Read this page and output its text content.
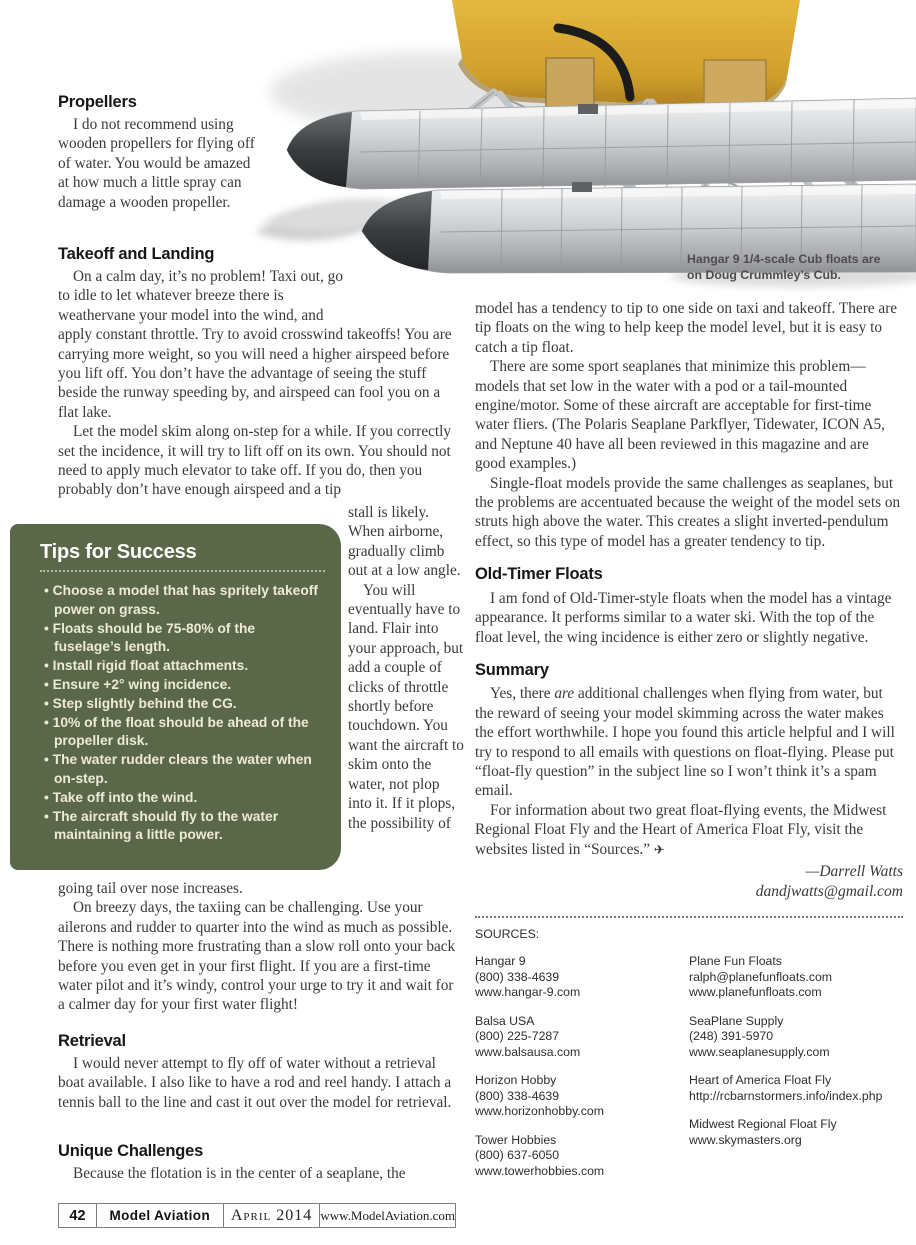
Hangar 9 1/4-scale Cub floats are on Doug Crummley’s Cub.
Propellers

I do not recommend using wooden propellers for flying off of water. You would be amazed at how much a little spray can damage a wooden propeller.

Takeoff and Landing

On a calm day, it’s no problem! Taxi out, go to idle to let whatever breeze there is weathervane your model into the wind, and apply constant throttle. Try to avoid crosswind takeoffs! You are carrying more weight, so you will need a higher airspeed before you lift off. You don’t have the advantage of seeing the stuff beside the runway speeding by, and airspeed can fool you on a flat lake.

Let the model skim along on-step for a while. If you correctly set the incidence, it will try to lift off on its own. You should not need to apply much elevator to take off. If you do, then you probably don’t have enough airspeed and a tip

stall is likely. When airborne, gradually climb out at a low angle.

You will eventually have to land. Flair into your approach, but add a couple of clicks of throttle shortly before touchdown. You want the aircraft to skim onto the water, not plop into it. If it plops, the possibility of

Tips for Success
• Choose a model that has spritely takeoff power on grass.
• Floats should be 75-80% of the fuselage’s length.
• Install rigid float attachments.
• Ensure +2° wing incidence.
• Step slightly behind the CG.
• 10% of the float should be ahead of the propeller disk.
• The water rudder clears the water when on-step.
• Take off into the wind.
• The aircraft should fly to the water maintaining a little power.

going tail over nose increases.

On breezy days, the taxiing can be challenging. Use your ailerons and rudder to quarter into the wind as much as possible. There is nothing more frustrating than a slow roll onto your back before you even get in your first flight. If you are a first-time water pilot and it’s windy, control your urge to try it and wait for a calmer day for your first water flight!

Retrieval

I would never attempt to fly off of water without a retrieval boat available. I also like to have a rod and reel handy. I attach a tennis ball to the line and cast it out over the model for retrieval.

Unique Challenges

Because the flotation is in the center of a seaplane, the

model has a tendency to tip to one side on taxi and takeoff. There are tip floats on the wing to help keep the model level, but it is easy to catch a tip float.

There are some sport seaplanes that minimize this problem—models that set low in the water with a pod or a tail-mounted engine/motor. Some of these aircraft are acceptable for first-time water fliers. (The Polaris Seaplane Parkflyer, Tidewater, ICON A5, and Neptune 40 have all been reviewed in this magazine and are good examples.)

Single-float models provide the same challenges as seaplanes, but the problems are accentuated because the weight of the model sets on struts high above the water. This creates a slight inverted-pendulum effect, so this type of model has a greater tendency to tip.

Old-Timer Floats

I am fond of Old-Timer-style floats when the model has a vintage appearance. It performs similar to a water ski. With the top of the float level, the wing incidence is either zero or slightly negative.

Summary

Yes, there are additional challenges when flying from water, but the reward of seeing your model skimming across the water makes the effort worthwhile. I hope you found this article helpful and I will try to respond to all emails with questions on float-flying. Please put “float-fly question” in the subject line so I won’t think it’s a spam email.

For information about two great float-flying events, the Midwest Regional Float Fly and the Heart of America Float Fly, visit the websites listed in “Sources.” ✈

—Darrell Watts
dandjwatts@gmail.com
SOURCES:
Hangar 9
(800) 338-4639
www.hangar-9.com
Balsa USA
(800) 225-7287
www.balsausa.com
Horizon Hobby
(800) 338-4639
www.horizonhobby.com
Tower Hobbies
(800) 637-6050
www.towerhobbies.com
Plane Fun Floats
ralph@planefunfloats.com
www.planefunfloats.com
SeaPlane Supply
(248) 391-5970
www.seaplanesupply.com
Heart of America Float Fly
http://rcbarnstormers.info/index.php
Midwest Regional Float Fly
www.skymasters.org
42	Model Aviation	April 2014 www.ModelAviation.com
